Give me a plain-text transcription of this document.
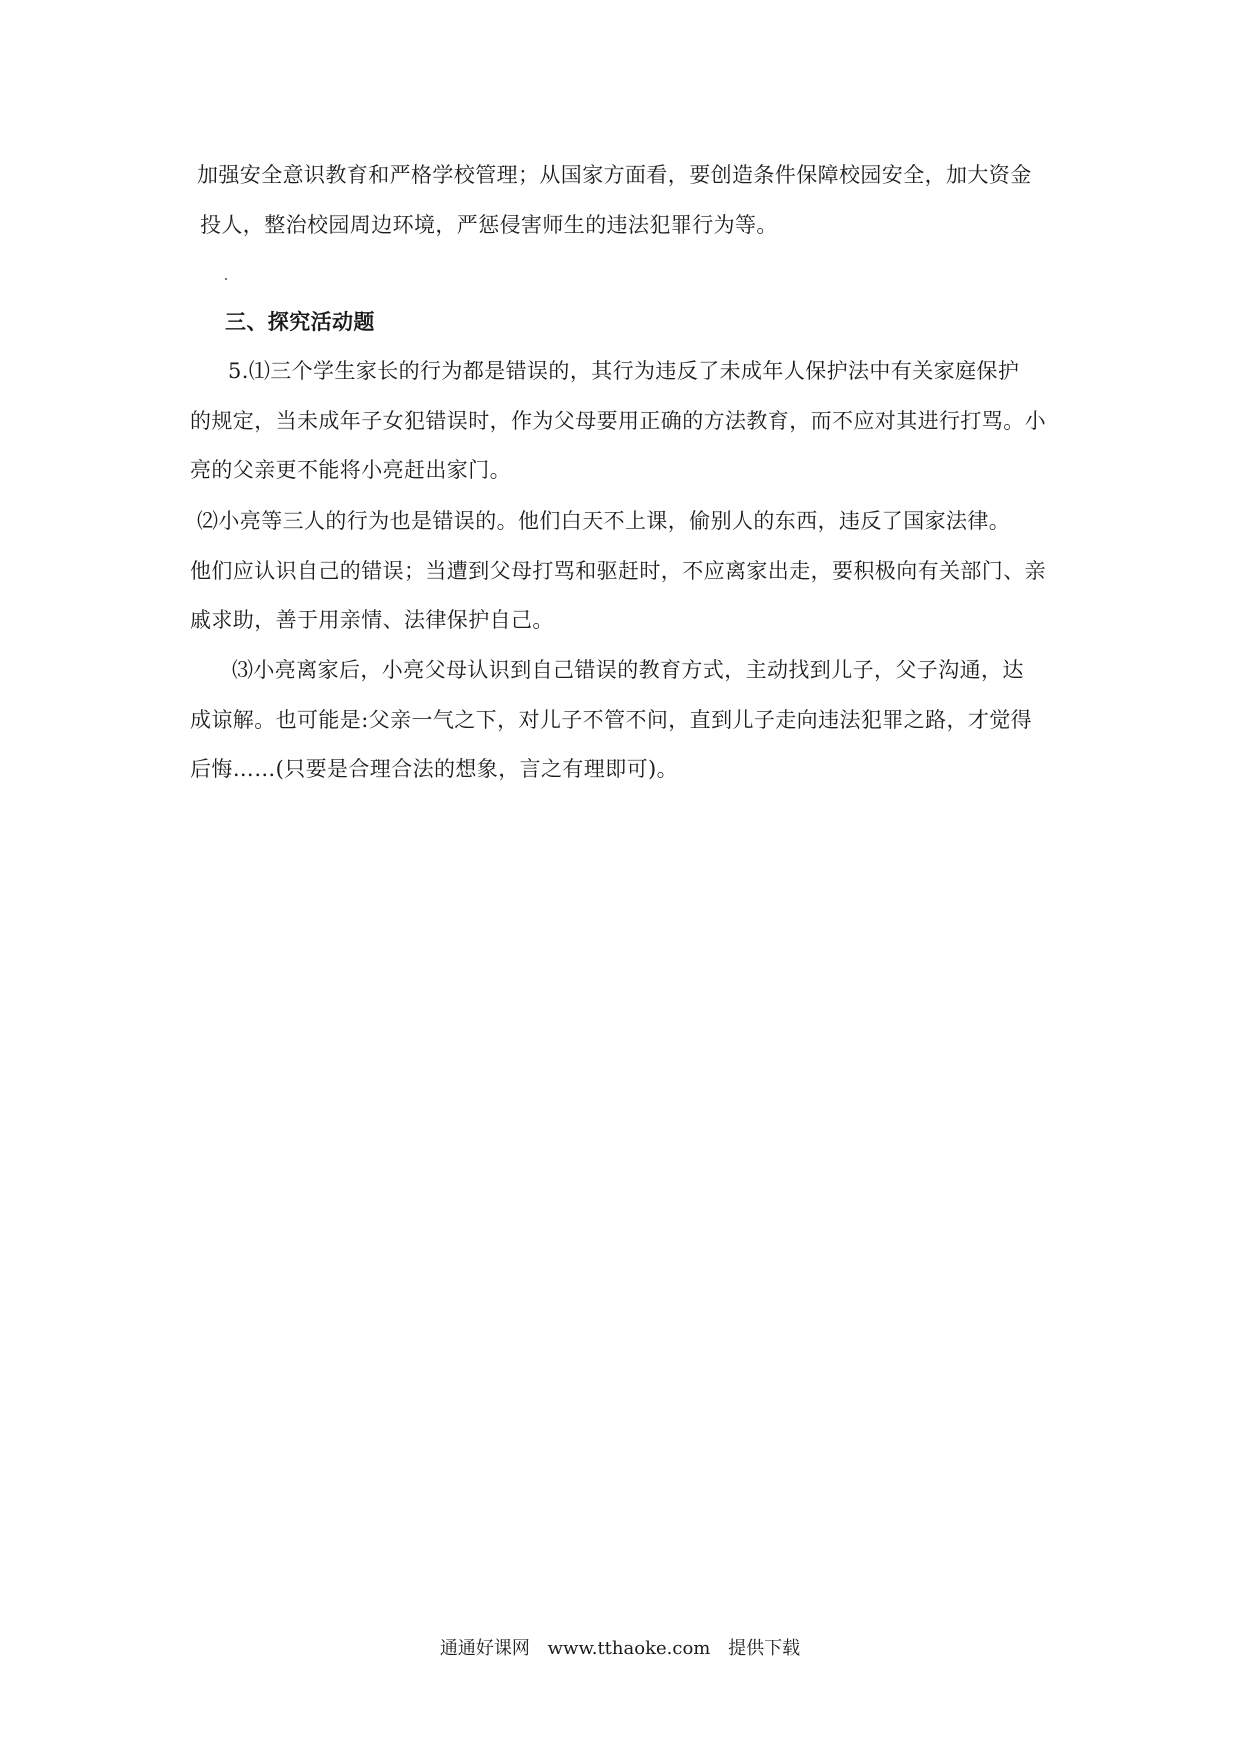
加强安全意识教育和严格学校管理；从国家方面看，要创造条件保障校园安全，加大资金
投人，整治校园周边环境，严惩侵害师生的违法犯罪行为等。
三、探究活动题
5.⑴三个学生家长的行为都是错误的，其行为违反了未成年人保护法中有关家庭保护
的规定，当未成年子女犯错误时，作为父母要用正确的方法教育，而不应对其进行打骂。小
亮的父亲更不能将小亮赶出家门。
⑵小亮等三人的行为也是错误的。他们白天不上课，偷别人的东西，违反了国家法律。
他们应认识自己的错误；当遭到父母打骂和驱赶时，不应离家出走，要积极向有关部门、亲
戚求助，善于用亲情、法律保护自己。
⑶小亮离家后，小亮父母认识到自己错误的教育方式，主动找到儿子，父子沟通，达
成谅解。也可能是:父亲一气之下，对儿子不管不问，直到儿子走向违法犯罪之路，才觉得
后悔……(只要是合理合法的想象，言之有理即可)。
通通好课网 www.tthaoke.com 提供下载
